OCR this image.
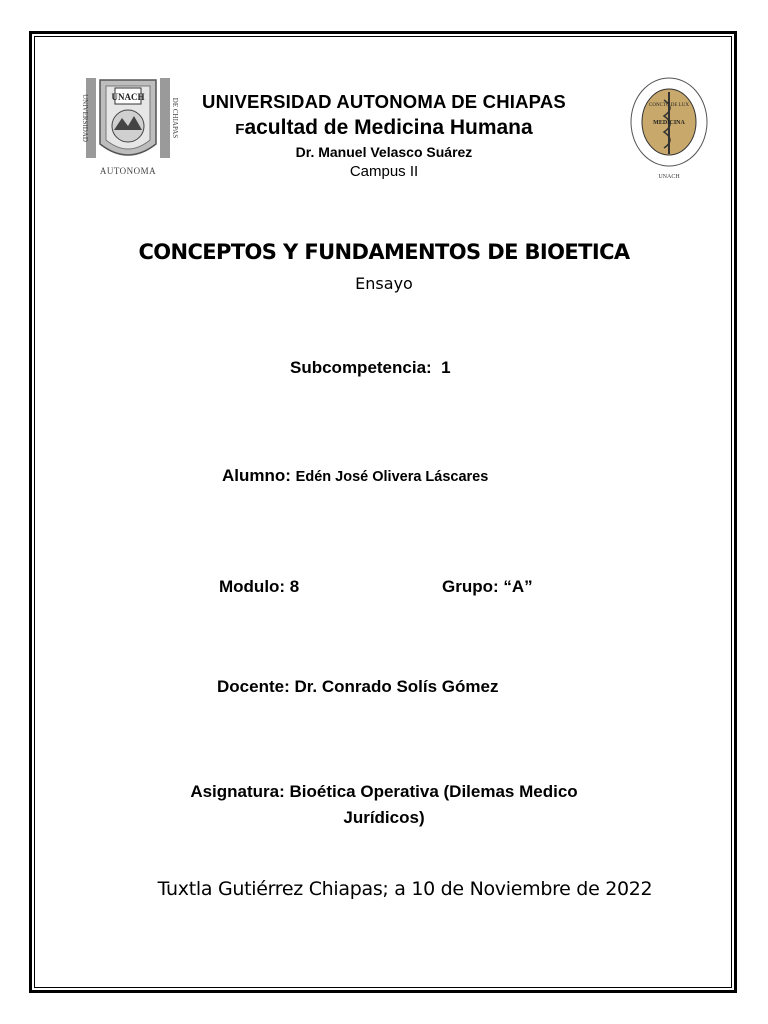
UNACH
UNIVERSIDAD	DE CHIAPAS
AUTONOMA
CONCTO DE LUX
MEDICINA
UNACH
UNIVERSIDAD AUTONOMA DE CHIAPAS
Facultad de Medicina Humana
Dr. Manuel Velasco Suárez
Campus II
CONCEPTOS Y FUNDAMENTOS DE BIOETICA
Ensayo
Subcompetencia: 1
Alumno: Edén José Olivera Láscares
Modulo: 8	Grupo: “A”
Docente: Dr. Conrado Solís Gómez
Asignatura: Bioética Operativa (Dilemas Medico
Jurídicos)
Tuxtla Gutiérrez Chiapas; a 10 de Noviembre de 2022
